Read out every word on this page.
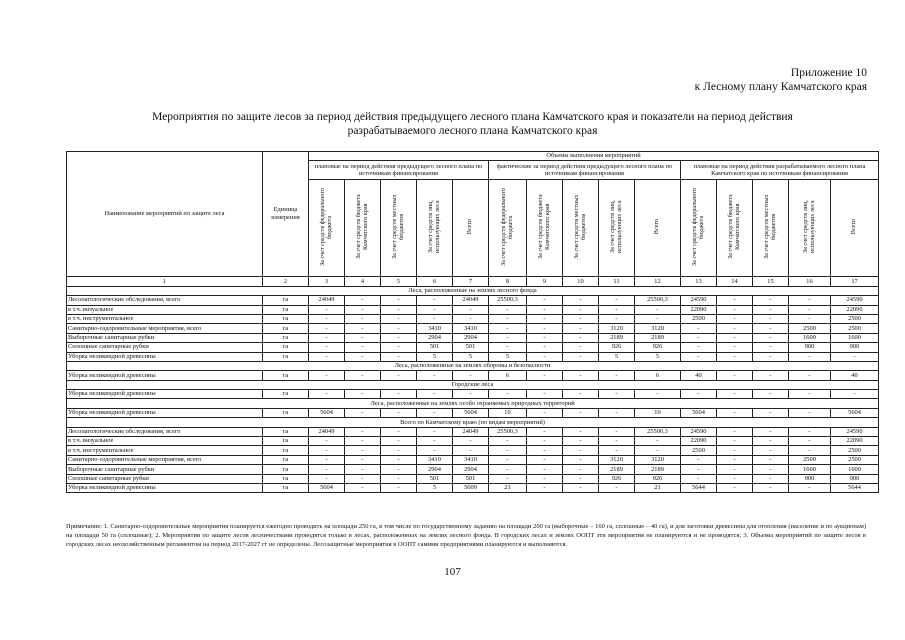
Приложение 10
к Лесному плану Камчатского края
Мероприятия по защите лесов за период действия предыдущего лесного плана Камчатского края и показатели на период действия
разрабатываемого лесного плана Камчатского края
Наименование мероприятий по защите леса	Единица измерения	Объемы выполнения мероприятий														
		плановые на период действия предыдущего лесного плана по источникам финансирования					фактические за период действия предыдущего лесного плана по источникам финансирования					плановые на период действия разрабатываемого лесного плана Камчатского края по источникам финансирования				
		За счет средств федерального бюджета	За счет средств бюджета Камчатского края	За счет средств местных бюджетов	За счет средств лиц, использующих леса	Всего	За счет средств федерального бюджета	За счет средств бюджета Камчатского края	За счет средств местных бюджетов	За счет средств лиц, использующих леса	Всего	За счет средств федерального бюджета	За счет средств бюджета Камчатского края	За счет средств местных бюджетов	За счет средств лиц, использующих леса	Всего
1	2	3	4	5	6	7	8	9	10	11	12	13	14	15	16	17
Леса, расположенные на землях лесного фонда																
Лесопатологические обследования, всего	га	24049	-	-	-	24049	25500,3	-	-	-	25500,3	24590	-	-	-	24590
в т.ч. визуальное	га	-	-	-	-	-	-	-	-	-	-	22090	-	-	-	22090
в т.ч. инструментальное	га	-	-	-	-	-	-	-	-	-	-	2500	-	-	-	2500
Санитарно-оздоровительные мероприятия, всего	га	-	-	-	3410	3410	-	-	-	3120	3120	-	-	-	2500	2500
Выборочные санитарные рубки	га	-	-	-	2904	2904	-	-	-	2189	2189	-	-	-	1600	1600
Сплошные санитарные рубки	га	-	-	-	501	501	-	-	-	926	926	-	-	-	900	900
Уборка неликвидной древесины	га	-	-	-	5	5	5	-	-	5	5	-	-	-	-	-
Леса, расположенные на землях обороны и безопасности																
Уборка неликвидной древесины	га	-	-	-	-	-	6	-	-	-	6	40	-	-	-	40
Городские леса																
Уборка неликвидной древесины	га	-	-	-	-	-	-	-	-	-	-	-	-	-	-	-
Леса, расположенные на землях особо охраняемых природных территорий																
Уборка неликвидной древесины	га	5604	-	-	-	5604	10	-	-	-	10	5604	-	-	-	5604
Всего по Камчатскому краю (по видам мероприятий)																
Лесопатологические обследования, всего	га	24049	-	-	-	24049	25500,3	-	-	-	25500,3	24590	-	-	-	24590
в т.ч. визуальное	га	-	-	-	-	-	-	-	-	-	-	22090	-	-	-	22090
в т.ч. инструментальное	га	-	-	-	-	-	-	-	-	-	-	2500	-	-	-	2500
Санитарно-оздоровительные мероприятия, всего	га	-	-	-	3410	3410	-	-	-	3120	3120	-	-	-	2500	2500
Выборочные санитарные рубки	га	-	-	-	2904	2904	-	-	-	2189	2189	-	-	-	1600	1600
Сплошные санитарные рубки	га	-	-	-	501	501	-	-	-	926	926	-	-	-	900	900
Уборка неликвидной древесины	га	5604	-	-	5	5609	21	-	-	-	21	5644	-	-	-	5644
Примечание: 1. Санитарно-оздоровительные мероприятия планируется ежегодно проводить на площади 250 га, в том числе по государственному заданию на площади 200 га (выборочные – 160 га, сплошные – 40 га), и для заготовки древесины для отопления (население и по аукционам) на площади 50 га (сплошные); 2. Мероприятия по защите лесов лесничествами проводятся только в лесах, расположенных на землях лесного фонда. В городских лесах и землях ООПТ эти мероприятия не планируются и не проводятся; 3. Объемы мероприятий по защите лесов в городских лесах неохозяйственным регламентом на период 2017-2027 гг не определены. Лесозащитные мероприятия в ООПТ самими предприятиями планируются и выполняются.
107
